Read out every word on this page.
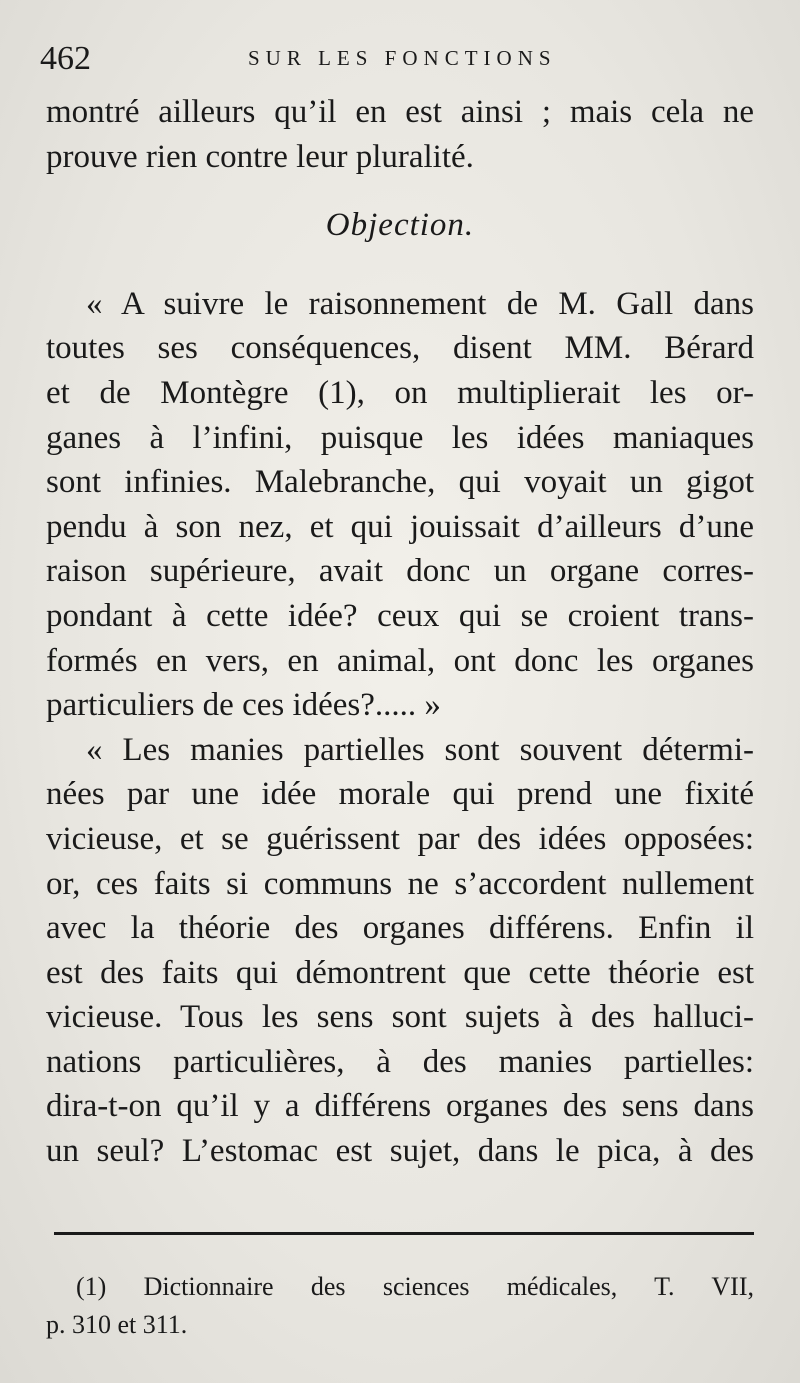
462	SUR LES FONCTIONS
montré ailleurs qu’il en est ainsi ; mais cela ne
prouve rien contre leur pluralité.
Objection.
« A suivre le raisonnement de M. Gall dans
toutes ses conséquences, disent MM. Bérard
et de Montègre (1), on multiplierait les or-
ganes à l’infini, puisque les idées maniaques
sont infinies. Malebranche, qui voyait un gigot
pendu à son nez, et qui jouissait d’ailleurs d’une
raison supérieure, avait donc un organe corres-
pondant à cette idée? ceux qui se croient trans-
formés en vers, en animal, ont donc les organes
particuliers de ces idées?..... »
« Les manies partielles sont souvent détermi-
nées par une idée morale qui prend une fixité
vicieuse, et se guérissent par des idées opposées:
or, ces faits si communs ne s’accordent nullement
avec la théorie des organes différens. Enfin il
est des faits qui démontrent que cette théorie est
vicieuse. Tous les sens sont sujets à des halluci-
nations particulières, à des manies partielles:
dira-t-on qu’il y a différens organes des sens dans
un seul? L’estomac est sujet, dans le pica, à des
(1) Dictionnaire des sciences médicales, T. VII,
p. 310 et 311.
